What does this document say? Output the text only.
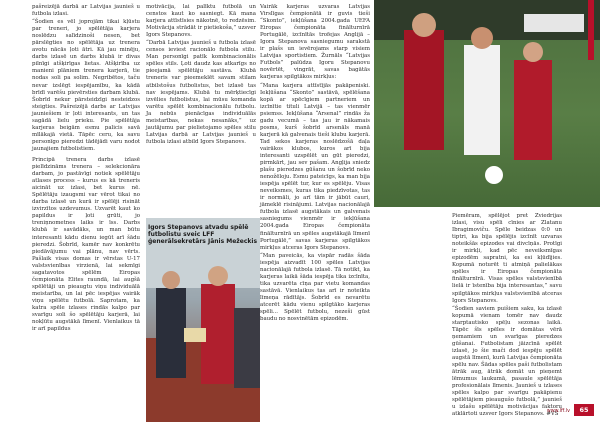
pašreizējā darbā ar Latvijas jaunieš u futbola izlasi.

“Šodien es vēl joprojām tikai kļūstu par treneri, jo spēlētāja karjera noslēdzu salīdzinoši nesen, bet pārslēgties no spēlētāja uz trenera avotu nācās ļoti ātri. Kā jau minēju, darbs izlasē un darbs klubā ir divas pilnīgi atšķirīgas lietas. Atšķirība uz manieni plāniem trenera karjerā, tie nodas soli pa solim. Negribētos, taču nevar izslēgt iespējamību, ka kādā brīdī varēšu pievērsties darbam klubā. Šobrīd nekur pārsteidzīgi nesteidzos steigties. Pašreizējā darbs ar Latvijas jauniešiem ir ļoti interesants, un tas sagādā lielu prieku. Pie spēlētāja karjeras beigām esmu palicis savā mīlākajā vietā. Tāpēc ceru, ka savu personīgo pieredzi tādējādi varu nodot jaunajiem futbolistiem.

Principā trenera darbs izlasē pielīdzināms trenera – selekcionāra darbam, jo pastāvīgi notiek spēlētāju atlases process – kurus es kā treneris aicināt uz izlasi, bet kurus nē. Spēlētāju izaugsmi var vērot tikai no darba izlasē un kurā ir spēlēji risināt izvirzītos uzdevumus. Uzvarēt kaut ko papildus ir ļoti grūti, jo treniņnometnes laiks ir īss. Darbs klubā ir savādāks, un man būtu interesanti kādu dienu iegūt arī šādu pieredzi. Šobrīd, kamēr nav konkrētu piedāvājumu vai plānu, nav vērts. Pašlaik visas domas ir vērstas U-17 valstsvienības virzienā, lai sekmīgi sagatavotos spēlēm Eiropas čempionāta Elites raundā, lai augšā spēlētāji un pieaugtu viņu individuālā meistarība, un lai pēc iespējas vairāk viņu spēlētu futbolā. Saprotam, ka katra spēle izlases rindās kalpo par svarīgu soli šo spēlētāju karjerā, lai nokļūtu augstākā līmenī. Vienlaikus tā ir arī papildus

motivācija, lai palīktu futbolā un censtos kaut ko sasniegt. Kā mana karjera attīstīsies nākotnē, to redzēsim. Motivācija strādāt ir pietiekoša,” uzsver Igors Stepanovs.

“Darbā Latvijas jaunieš u futbola izlasē censos ieviest racionālo futbola stilu. Man personīgi patīk kombinacionālis spēles stils. Ļoti daudz kas atkarīgs no pieejamā spēlētāju sastāva. Klubā treneris var pieemeklēt savam stilam atbilstošus futbolistus, bet izlasē tas nav iespējams. Klubā tu mērķtiecīgi izvēlies futbolistus, lai mūsu komanda varētu spēlēt kombinacionālu futbolu. Ja nebūs pienācīgas individuālās meistarības, nekas nesanāks,” uz jautājumu par pielietojamo spēles stilu Latvijas darbā ar Latvijas jaunieš u futbola izlasi atbild Igors Stepanovs.

Igors Stepanovs atvadu spēlē futbolistu sveic LFF ģenerālsekretārs Jānis Mežeckis

Vairāk karjeras uzvaras Latvijas Virslīgas čempionātā ir guvis tieši “Skonto”, iekļūšana 2004.gada UEFA Eiropas čempionāta finālturnīrā Portugālē, izcīnītās trofejas Anglijā – Igora Stepanova sasniegumu sarakstā ir plašs un ievērojams starp visiem Latvijas sportistiem. Žurnāls “Latvijas Futbols” palūdza Igoru Stepanovu novērtēt, vingrāt, savas bagātās karjeras spilgtākos mirkļus:

“Mana karjera attīstījās pakāpeniski. Iekļūšana “Skonto” sastāvā, spēlēšana kopā ar spēcīgiem partneriem un izcīnītie tituli Latvijā – tas vienmēr psiemss. Iekļūšana “Arsenal” rindās ža gadu vecumā – tas jau ir nākamais posms, kurš šobrīd arsenāls manā karjerā kā galvenais tieši klubu karjerā. Tad sekos karjeras noslēdzošā daļa vairākos klubos, kuros arī bija interesanti uzspēlēt un gūt pieredzi, pirmkārt, jau sev pašam. Angļija sniedz plašu pieredzes gūšanu un šobrīd neko nenožēloju. Esmu pateicīgs, ka man bija iespēja spēlēt tur, kur es spēlēju. Visas neveiksmes, kuras tika piedzīvotas, tas ir normāli, jo arī tām ir jābūt cauri, jāmeklē risinājumi. Latvijas nacionālajā futbola izlasē augstākais un galvenais sasniegums vienmēr ir iekļūšana 2004.gada Eiropas čempionāta finālturnīrā un spēles augstākajā līmenī Portugālē,” savas karjeras spilgtākos mirkļus atceras Igors Stepanovs.

“Man paveicās, ka vispār radās šāda iespēja aizvadīt 100 spēles Latvijas nacionālajā futbola izlasē. Tā notikt, ka karjeras laikā šāda iespēja tika izcīnīta, tika uzvarēta cīņa par vietu komandas sastāvā. Vienlaikus tas arī ir noteikta līmeņa rādītājs. Šobrīd es nevarētu atcerēt kādu vienu spilgtāko karjeras spēli... Spēlēt futbolu, nezeši gūst baudu no nosvinētām epizodēm.

Piemēram, spēlējot pret Zviedrijas izlasi, visu spēli cīnies ar Zlatanu Ibragimoviču. Spēle beidzas 0:0 un tiptri, ka bija spēlējis izcīnīt uzvaras noteikšās epizodes vai divcīņās. Protīgi ir mirkļi, kad pēc neveiksmīgas epizodēm sapratni, ka esi kļūdījies. Kopumā noturēt ti atmiņā palielākas spēles ir Eiropas čempionāta finālturnīrā. Visas spēles valstsvienībā lielā ir īstenība bija interesantas,” savu spilgtākos mirkļus valstsvienībā atceras Igors Stepanovs.

“Šodien saviem puišiem saku, ka izlasē kopumā vienam tomēr nav daudz starptautisko spēļu sezonas laikā. Tāpēc šīs spēles ir domātas vērā ņemamiem un svarīgas pieredzes gūšanai. Futbolistam jāizcīnā spēlēt izlasē, jo šie mači dod iespēju spēlēt augstā līmenī, kurā Latvijas čempionāta spēlu nav. Šādas spēles paši futbolistam ātrāk aug, ātrāk domāt un pieņemt lēmumus laukumā, pasaule spēlētāja profesionālais līmenis. Jaunieš u izlases spēles kalpo par svarīgu pakāpienu spēlētājiem pieaugušo futbolā,” jaunieš u izlašu spēlētāju motivācijas faktoru atklārtoti uzsver Igors Stepanovs. #VS

www.lff.lv	65
